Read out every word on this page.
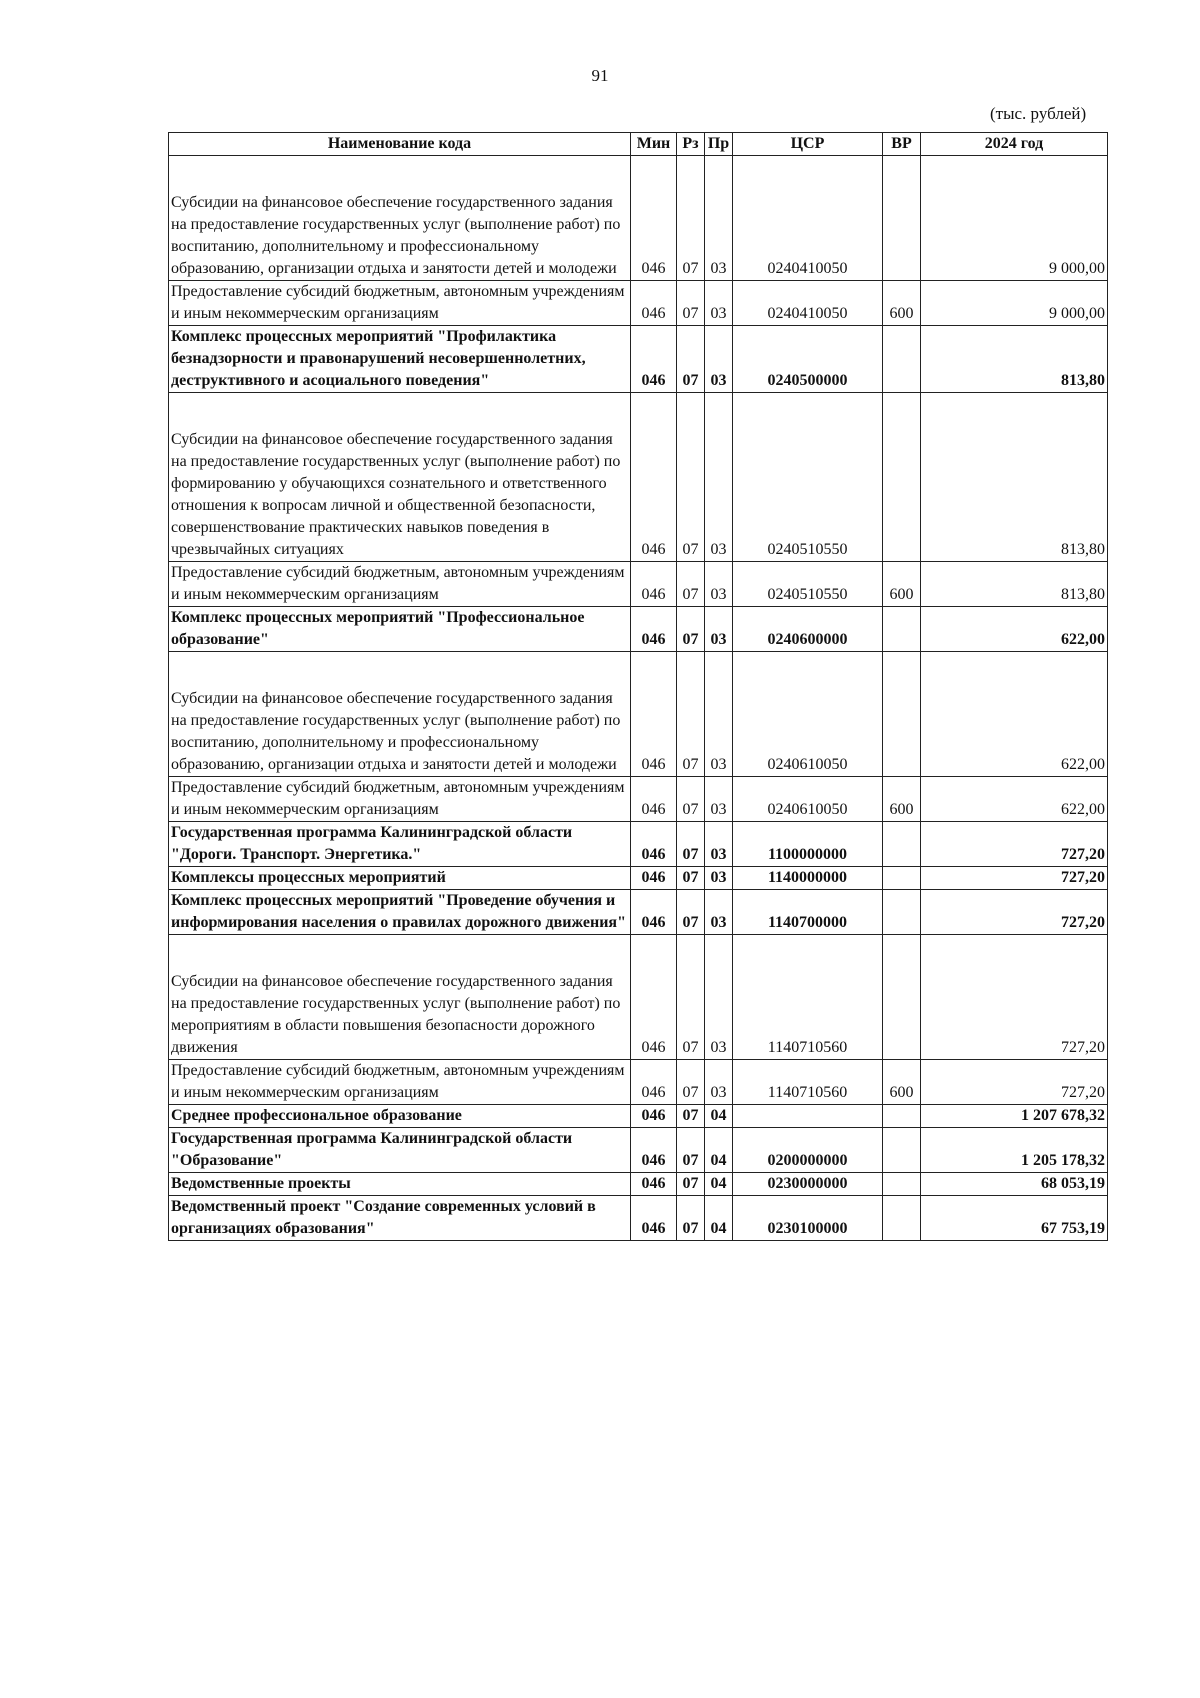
91
(тыс. рублей)
Наименование кода	Мин	Рз	Пр	ЦСР	ВР	2024 год
Субсидии на финансовое обеспечение государственного задания на предоставление государственных услуг (выполнение работ) по воспитанию, дополнительному и профессиональному образованию, организации отдыха и занятости детей и молодежи	046	07	03	0240410050		9 000,00
Предоставление субсидий бюджетным, автономным учреждениям и иным некоммерческим организациям	046	07	03	0240410050	600	9 000,00
Комплекс процессных мероприятий "Профилактика безнадзорности и правонарушений несовершеннолетних, деструктивного и асоциального поведения"	046	07	03	0240500000		813,80
Субсидии на финансовое обеспечение государственного задания на предоставление государственных услуг (выполнение работ) по формированию у обучающихся сознательного и ответственного отношения к вопросам личной и общественной безопасности, совершенствование практических навыков поведения в чрезвычайных ситуациях	046	07	03	0240510550		813,80
Предоставление субсидий бюджетным, автономным учреждениям и иным некоммерческим организациям	046	07	03	0240510550	600	813,80
Комплекс процессных мероприятий "Профессиональное образование"	046	07	03	0240600000		622,00
Субсидии на финансовое обеспечение государственного задания на предоставление государственных услуг (выполнение работ) по воспитанию, дополнительному и профессиональному образованию, организации отдыха и занятости детей и молодежи	046	07	03	0240610050		622,00
Предоставление субсидий бюджетным, автономным учреждениям и иным некоммерческим организациям	046	07	03	0240610050	600	622,00
Государственная программа Калининградской области "Дороги. Транспорт. Энергетика."	046	07	03	1100000000		727,20
Комплексы процессных мероприятий	046	07	03	1140000000		727,20
Комплекс процессных мероприятий "Проведение обучения и информирования населения о правилах дорожного движения"	046	07	03	1140700000		727,20
Субсидии на финансовое обеспечение государственного задания на предоставление государственных услуг (выполнение работ) по мероприятиям в области повышения безопасности дорожного движения	046	07	03	1140710560		727,20
Предоставление субсидий бюджетным, автономным учреждениям и иным некоммерческим организациям	046	07	03	1140710560	600	727,20
Среднее профессиональное образование	046	07	04			1 207 678,32
Государственная программа Калининградской области "Образование"	046	07	04	0200000000		1 205 178,32
Ведомственные проекты	046	07	04	0230000000		68 053,19
Ведомственный проект "Создание современных условий в организациях образования"	046	07	04	0230100000		67 753,19
